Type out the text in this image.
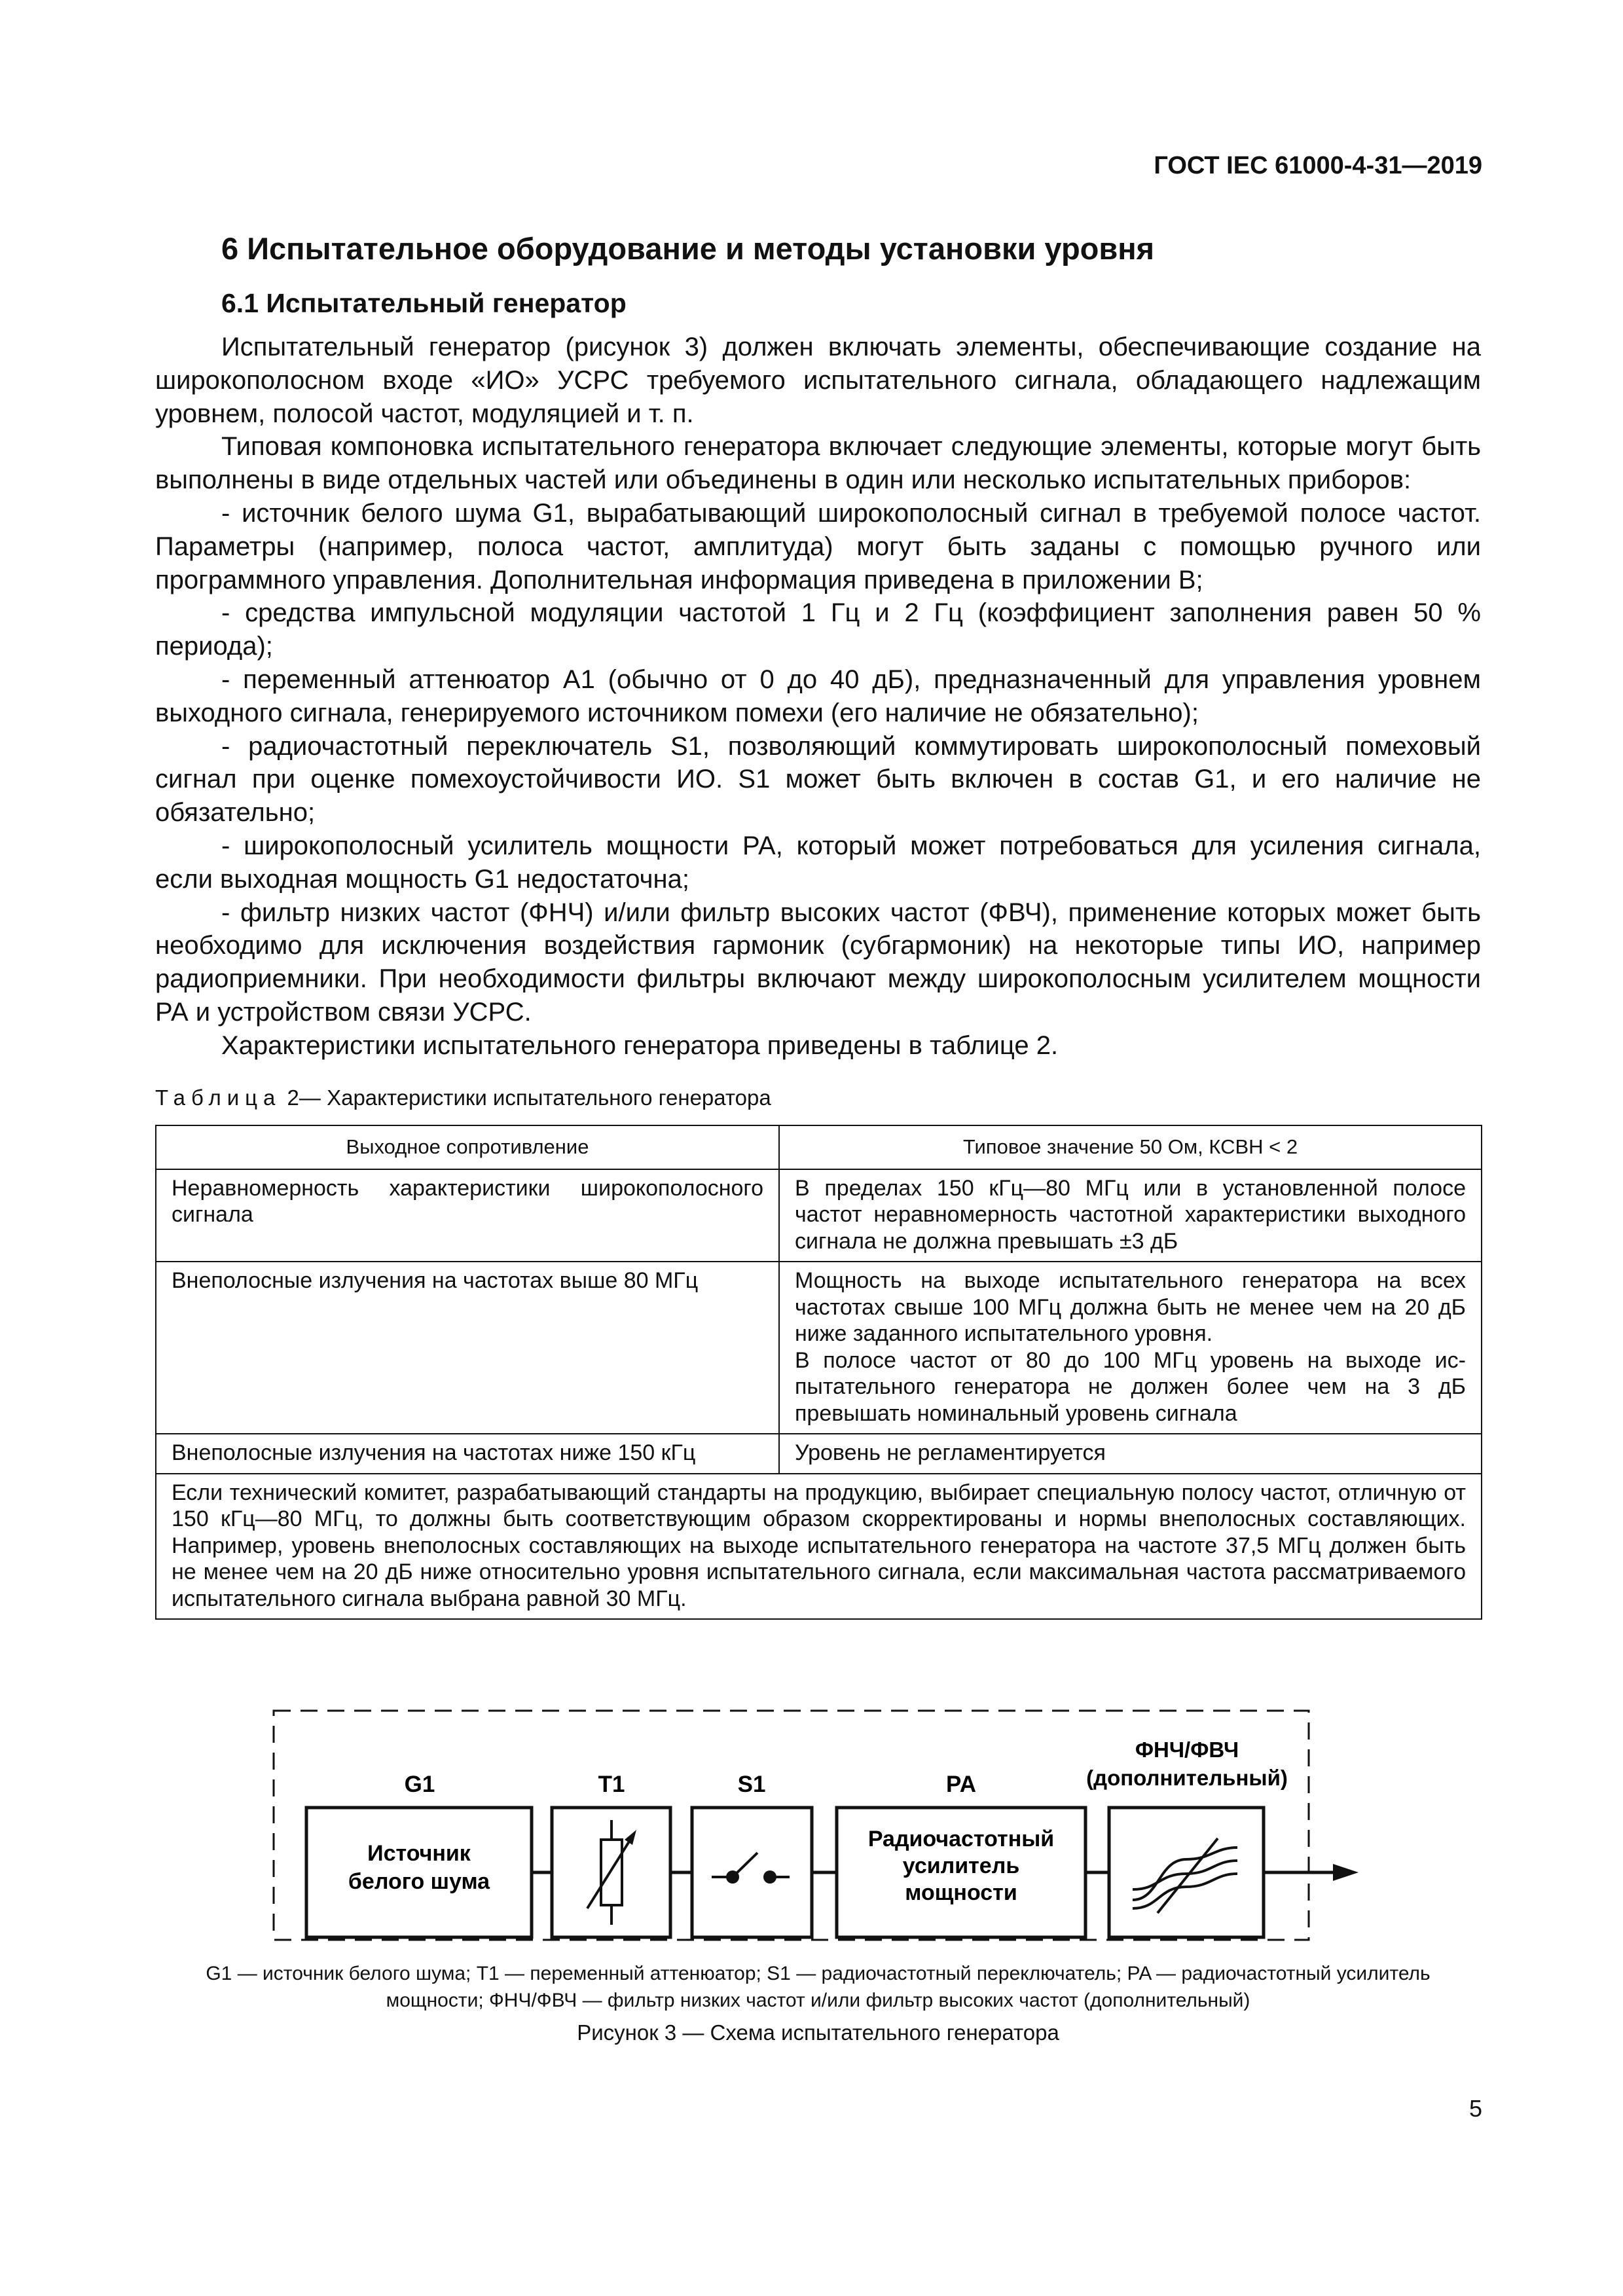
ГОСТ IEC 61000-4-31—2019
6 Испытательное оборудование и методы установки уровня
6.1 Испытательный генератор

Испытательный генератор (рисунок 3) должен включать элементы, обеспечивающие создание на широкополосном входе «ИО» УСРС требуемого испытательного сигнала, обладающего надлежащим уровнем, полосой частот, модуляцией и т. п.

Типовая компоновка испытательного генератора включает следующие элементы, которые могут быть выполнены в виде отдельных частей или объединены в один или несколько испытательных приборов:

- источник белого шума G1, вырабатывающий широкополосный сигнал в требуемой полосе частот. Параметры (например, полоса частот, амплитуда) могут быть заданы с помощью ручного или программного управления. Дополнительная информация приведена в приложении В;

- средства импульсной модуляции частотой 1 Гц и 2 Гц (коэффициент заполнения равен 50 % периода);

- переменный аттенюатор А1 (обычно от 0 до 40 дБ), предназначенный для управления уровнем выходного сигнала, генерируемого источником помехи (его наличие не обязательно);

- радиочастотный переключатель S1, позволяющий коммутировать широкополосный помеховый сигнал при оценке помехоустойчивости ИО. S1 может быть включен в состав G1, и его наличие не обязательно;

- широкополосный усилитель мощности РА, который может потребоваться для усиления сигнала, если выходная мощность G1 недостаточна;

- фильтр низких частот (ФНЧ) и/или фильтр высоких частот (ФВЧ), применение которых может быть необходимо для исключения воздействия гармоник (субгармоник) на некоторые типы ИО, например радиоприемники. При необходимости фильтры включают между широкополосным усилителем мощности РА и устройством связи УСРС.

Характеристики испытательного генератора приведены в таблице 2.

Таблица 2— Характеристики испытательного генератора
Выходное сопротивление	Типовое значение 50 Ом, КСВН < 2
Неравномерность характеристики широкополосного сигнала	В пределах 150 кГц—80 МГц или в установленной полосе частот неравномерность частотной характеристики выходного сигнала не должна превышать ±3 дБ
Внеполосные излучения на частотах выше 80 МГц	Мощность на выходе испытательного генератора на всех частотах свыше 100 МГц должна быть не менее чем на 20 дБ ниже заданного испытательного уровня.
В полосе частот от 80 до 100 МГц уровень на выходе испытательного генератора не должен более чем на 3 дБ превышать номинальный уровень сигнала

Внеполосные излучения на частотах ниже 150 кГц	Уровень не регламентируется
Если технический комитет, разрабатывающий стандарты на продукцию, выбирает специальную полосу частот, отличную от 150 кГц—80 МГц, то должны быть соответствующим образом скорректированы и нормы внеполосных составляющих. Например, уровень внеполосных составляющих на выходе испытательного генератора на частоте 37,5 МГц должен быть не менее чем на 20 дБ ниже относительно уровня испытательного сигнала, если максимальная частота рассматриваемого испытательного сигнала выбрана равной 30 МГц.	
G1	T1	S1	PA
ФНЧ/ФВЧ
(дополнительный)
Источник
белого шума
Радиочастотный
усилитель
мощности
G1 — источник белого шума; T1 — переменный аттенюатор; S1 — радиочастотный переключатель; PA — радиочастотный усилитель мощности; ФНЧ/ФВЧ — фильтр низких частот и/или фильтр высоких частот (дополнительный)
Рисунок 3 — Схема испытательного генератора
5
